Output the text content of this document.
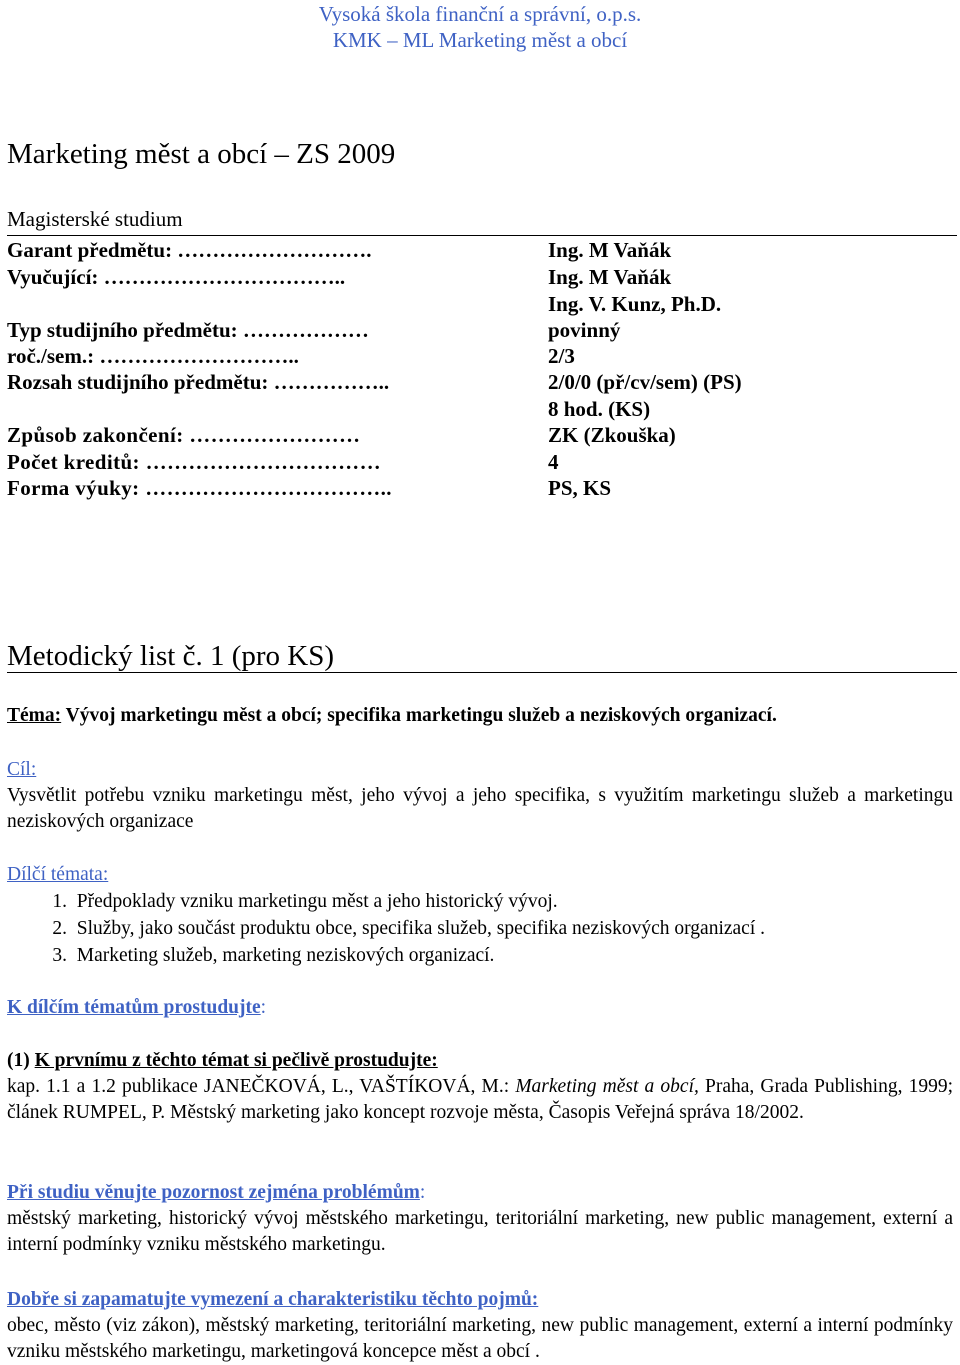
Vysoká škola finanční a správní, o.p.s.
KMK – ML Marketing měst a obcí
Marketing měst a obcí – ZS 2009
Magisterské studium
Garant předmětu: ……………………….	Ing. M Vaňák
Vyučující: ……………………………..	Ing. M Vaňák
Ing. V. Kunz, Ph.D.
Typ studijního předmětu: ………………	povinný
roč./sem.: ………………………..	2/3
Rozsah studijního předmětu: ……………..	2/0/0 (př/cv/sem) (PS)
8 hod. (KS)
Způsob zakončení: ……………………	ZK (Zkouška)
Počet kreditů: ……………………………	4
Forma výuky: ……………………………..	PS, KS
Metodický list č. 1 (pro KS)
Téma: Vývoj marketingu měst a obcí; specifika marketingu služeb a neziskových organizací.
Cíl:
Vysvětlit potřebu vzniku marketingu měst, jeho vývoj a jeho specifika, s využitím marketingu služeb a marketingu neziskových organizace
Dílčí témata:
1. Předpoklady vzniku marketingu měst a jeho historický vývoj.
2. Služby, jako součást produktu obce, specifika služeb, specifika neziskových organizací .
3. Marketing služeb, marketing neziskových organizací.
K dílčím tématům prostudujte:
(1) K prvnímu z těchto témat si pečlivě prostudujte:
kap. 1.1 a 1.2 publikace JANEČKOVÁ, L., VAŠTÍKOVÁ, M.: Marketing měst a obcí, Praha, Grada Publishing, 1999; článek RUMPEL, P. Městský marketing jako koncept rozvoje města, Časopis Veřejná správa 18/2002.
Při studiu věnujte pozornost zejména problémům:
městský marketing, historický vývoj městského marketingu, teritoriální marketing, new public management, externí a interní podmínky vzniku městského marketingu.
Dobře si zapamatujte vymezení a charakteristiku těchto pojmů:
obec, město (viz zákon), městský marketing, teritoriální marketing, new public management, externí a interní podmínky vzniku městského marketingu, marketingová koncepce měst a obcí .
